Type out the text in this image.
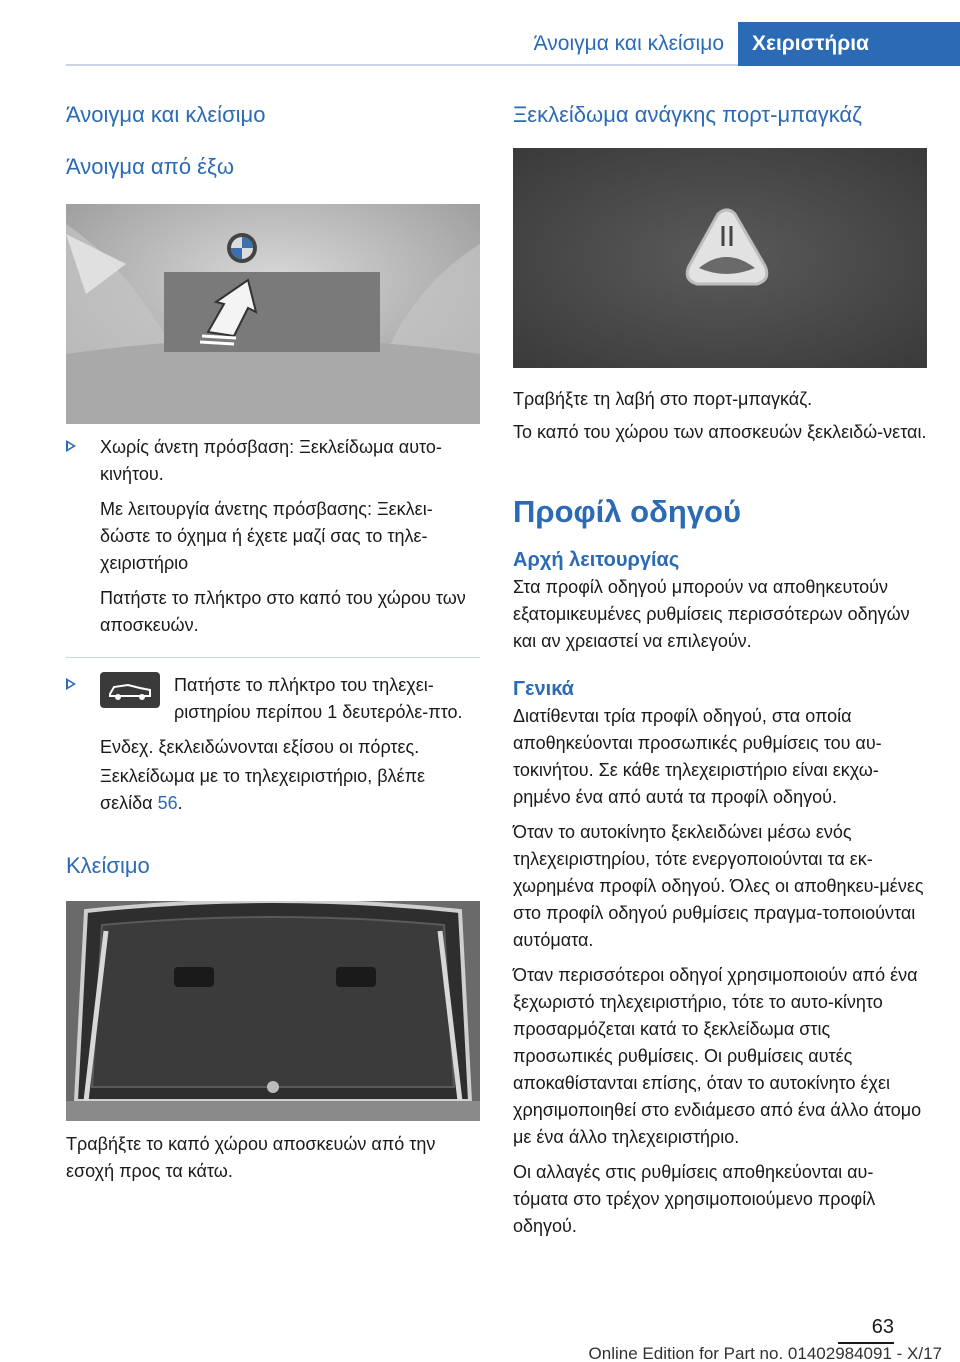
Άνοιγμα και κλείσιμο	Χειριστήρια
Άνοιγμα και κλείσιμο
Άνοιγμα από έξω

Χωρίς άνετη πρόσβαση: Ξεκλείδωμα αυτο-κινήτου.

Με λειτουργία άνετης πρόσβασης: Ξεκλει-δώστε το όχημα ή έχετε μαζί σας το τηλε-χειριστήριο

Πατήστε το πλήκτρο στο καπό του χώρου των αποσκευών.

Πατήστε το πλήκτρο του τηλεχει-ριστηρίου περίπου 1 δευτερόλε-πτο.

Ενδεχ. ξεκλειδώνονται εξίσου οι πόρτες.

Ξεκλείδωμα με το τηλεχειριστήριο, βλέπε σελίδα 56.

Κλείσιμο

Τραβήξτε το καπό χώρου αποσκευών από την εσοχή προς τα κάτω.

Ξεκλείδωμα ανάγκης πορτ-μπαγκάζ

Τραβήξτε τη λαβή στο πορτ-μπαγκάζ.

Το καπό του χώρου των αποσκευών ξεκλειδώ-νεται.

Προφίλ οδηγού
Αρχή λειτουργίας

Στα προφίλ οδηγού μπορούν να αποθηκευτούν εξατομικευμένες ρυθμίσεις περισσότερων οδηγών και αν χρειαστεί να επιλεγούν.

Γενικά

Διατίθενται τρία προφίλ οδηγού, στα οποία αποθηκεύονται προσωπικές ρυθμίσεις του αυ-τοκινήτου. Σε κάθε τηλεχειριστήριο είναι εκχω-ρημένο ένα από αυτά τα προφίλ οδηγού.

Όταν το αυτοκίνητο ξεκλειδώνει μέσω ενός τηλεχειριστηρίου, τότε ενεργοποιούνται τα εκ-χωρημένα προφίλ οδηγού. Όλες οι αποθηκευ-μένες στο προφίλ οδηγού ρυθμίσεις πραγμα-τοποιούνται αυτόματα.

Όταν περισσότεροι οδηγοί χρησιμοποιούν από ένα ξεχωριστό τηλεχειριστήριο, τότε το αυτο-κίνητο προσαρμόζεται κατά το ξεκλείδωμα στις προσωπικές ρυθμίσεις. Οι ρυθμίσεις αυτές αποκαθίστανται επίσης, όταν το αυτοκίνητο έχει χρησιμοποιηθεί στο ενδιάμεσο από ένα άλλο άτομο με ένα άλλο τηλεχειριστήριο.

Οι αλλαγές στις ρυθμίσεις αποθηκεύονται αυ-τόματα στο τρέχον χρησιμοποιούμενο προφίλ οδηγού.

63
Online Edition for Part no. 01402984091 - X/17
